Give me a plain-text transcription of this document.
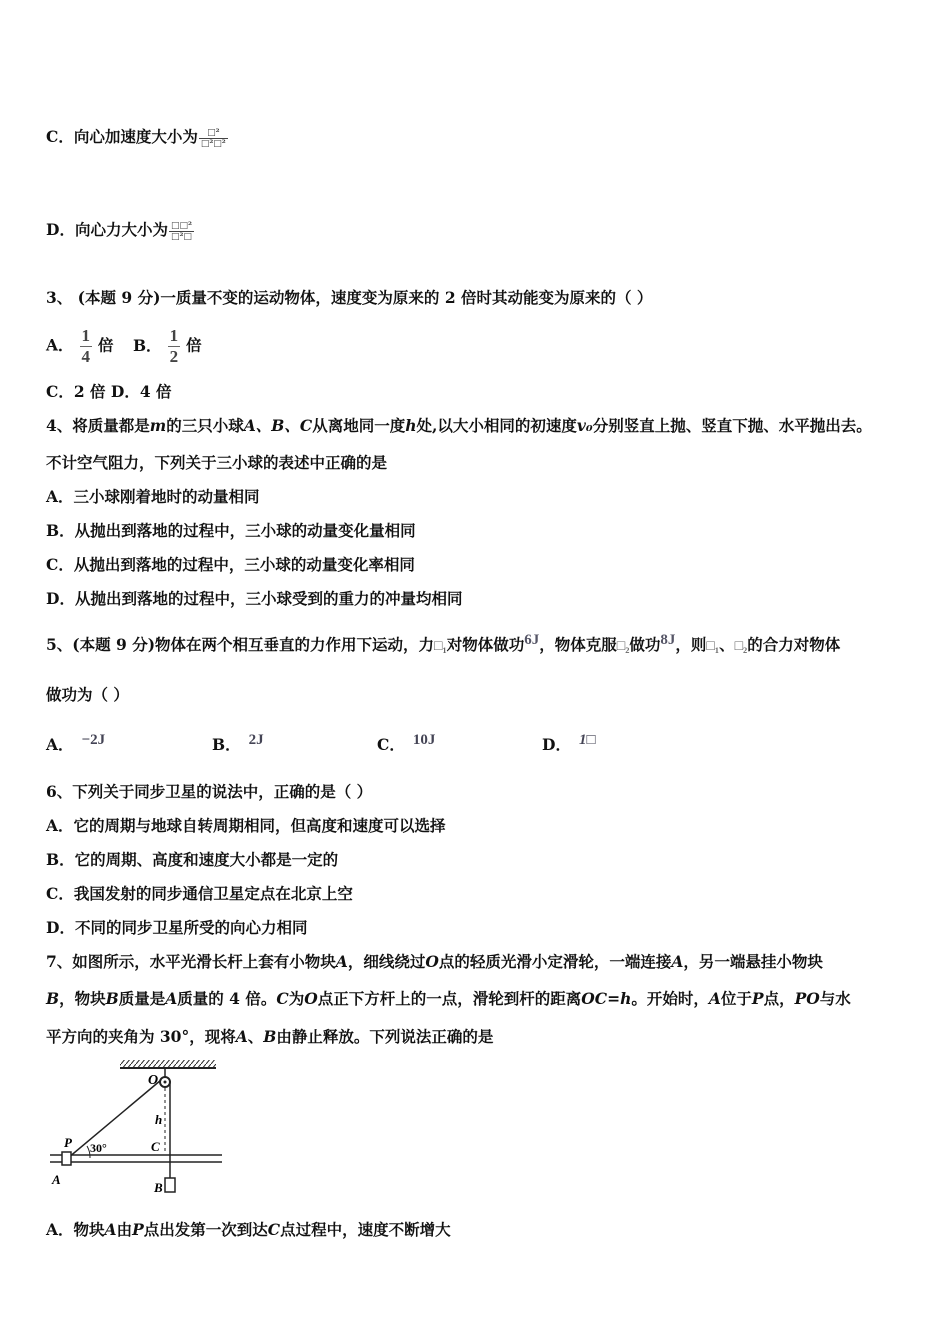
C．向心加速度大小为 $\frac{\text{□²}}{\text{□²□²}}$
D．向心力大小为 $\frac{\text{□□²}}{\text{□²□}}$
3、 (本题 9 分)一质量不变的运动物体，速度变为原来的 2 倍时其动能变为原来的（ ）
A． $\frac{1}{4}$ 倍 B． $\frac{1}{2}$ 倍
C．2 倍 D．4 倍
4、将质量都是m的三只小球A、B、C从离地同一度h处,以大小相同的初速度v₀分别竖直上抛、竖直下抛、水平抛出去。
不计空气阻力，下列关于三小球的表述中正确的是
A．三小球刚着地时的动量相同
B．从抛出到落地的过程中，三小球的动量变化量相同
C．从抛出到落地的过程中，三小球的动量变化率相同
D．从抛出到落地的过程中，三小球受到的重力的冲量均相同
5、(本题 9 分)物体在两个相互垂直的力作用下运动，力□₁对物体做功6J，物体克服□₂做功8J，则□₁、□₂的合力对物体
做功为（ ）
A． −2J	B． 2J	C． 10J	D． 1□
6、下列关于同步卫星的说法中，正确的是（ ）
A．它的周期与地球自转周期相同，但高度和速度可以选择
B．它的周期、高度和速度大小都是一定的
C．我国发射的同步通信卫星定点在北京上空
D．不同的同步卫星所受的向心力相同
7、如图所示，水平光滑长杆上套有小物块A，细线绕过O点的轻质光滑小定滑轮，一端连接A，另一端悬挂小物块
B，物块B质量是A质量的 4 倍。C为O点正下方杆上的一点，滑轮到杆的距离OC=h。开始时，A位于P点，PO与水
平方向的夹角为 30°，现将A、B由静止释放。下列说法正确的是
O
h
P 30°	C
A
B
A．物块A由P点出发第一次到达C点过程中，速度不断增大
